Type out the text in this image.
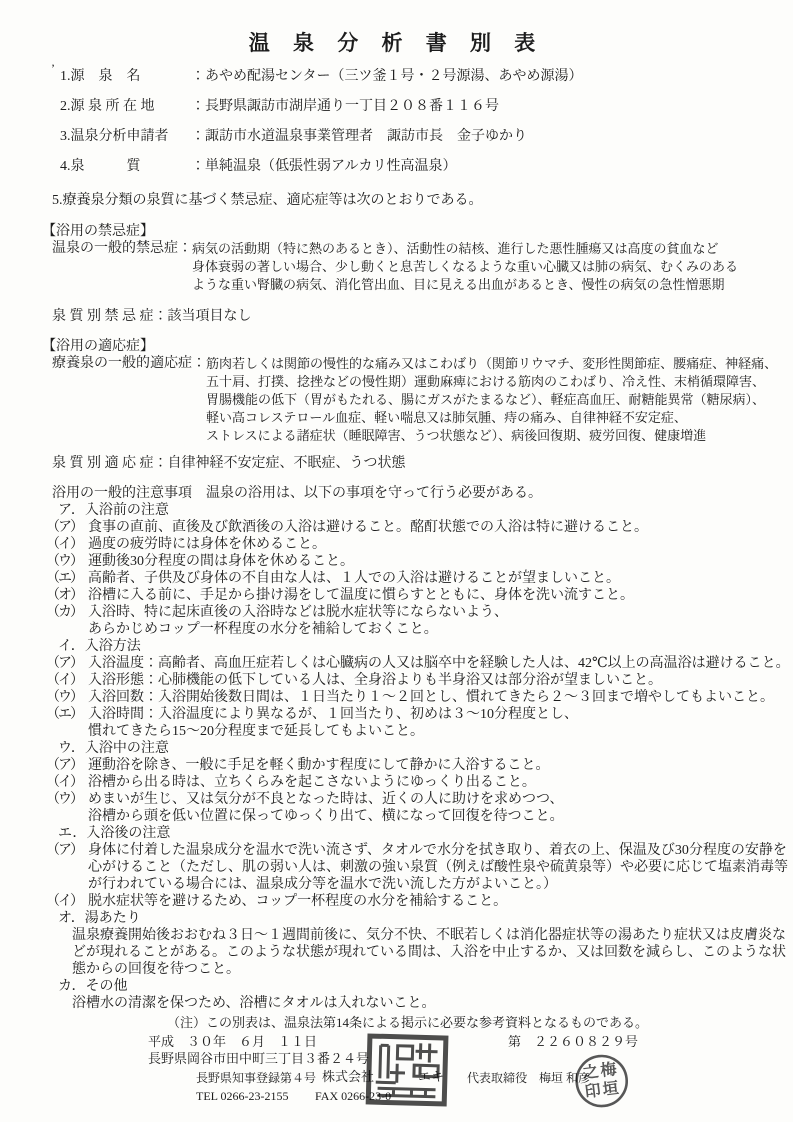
’
温 泉 分 析 書 別 表
1.源　泉　名	：あやめ配湯センター（三ツ釜１号・２号源湯、あやめ源湯）
2.源 泉 所 在 地	：長野県諏訪市湖岸通り一丁目２０８番１１６号
3.温泉分析申請者	：諏訪市水道温泉事業管理者　諏訪市長　金子ゆかり
4.泉　　　質	：単純温泉（低張性弱アルカリ性高温泉）
5.療養泉分類の泉質に基づく禁忌症、適応症等は次のとおりである。
【浴用の禁忌症】
温泉の一般的禁忌症： 病気の活動期（特に熱のあるとき）、活動性の結核、進行した悪性腫瘍又は高度の貧血など
身体衰弱の著しい場合、少し動くと息苦しくなるような重い心臓又は肺の病気、むくみのある
ような重い腎臓の病気、消化管出血、目に見える出血があるとき、慢性の病気の急性憎悪期
泉 質 別 禁 忌 症： 該当項目なし
【浴用の適応症】
療養泉の一般的適応症： 筋肉若しくは関節の慢性的な痛み又はこわばり（関節リウマチ、変形性関節症、腰痛症、神経痛、
五十肩、打撲、捻挫などの慢性期）運動麻痺における筋肉のこわばり、冷え性、末梢循環障害、
胃腸機能の低下（胃がもたれる、腸にガスがたまるなど）、軽症高血圧、耐糖能異常（糖尿病）、
軽い高コレステロール血症、軽い喘息又は肺気腫、痔の痛み、自律神経不安定症、
ストレスによる諸症状（睡眠障害、うつ状態など）、病後回復期、疲労回復、健康増進
泉 質 別 適 応 症： 自律神経不安定症、不眠症、うつ状態
浴用の一般的注意事項　温泉の浴用は、以下の事項を守って行う必要がある。
ア．入浴前の注意
（ア） 食事の直前、直後及び飲酒後の入浴は避けること。酩酊状態での入浴は特に避けること。
（イ） 過度の疲労時には身体を休めること。
（ウ） 運動後30分程度の間は身体を休めること。
（エ） 高齢者、子供及び身体の不自由な人は、１人での入浴は避けることが望ましいこと。
（オ） 浴槽に入る前に、手足から掛け湯をして温度に慣らすとともに、身体を洗い流すこと。
（カ） 入浴時、特に起床直後の入浴時などは脱水症状等にならないよう、
あらかじめコップ一杯程度の水分を補給しておくこと。
イ．入浴方法
（ア） 入浴温度：高齢者、高血圧症若しくは心臓病の人又は脳卒中を経験した人は、42℃以上の高温浴は避けること。
（イ） 入浴形態：心肺機能の低下している人は、全身浴よりも半身浴又は部分浴が望ましいこと。
（ウ） 入浴回数：入浴開始後数日間は、１日当たり１～２回とし、慣れてきたら２～３回まで増やしてもよいこと。
（エ） 入浴時間：入浴温度により異なるが、１回当たり、初めは３～10分程度とし、
慣れてきたら15～20分程度まで延長してもよいこと。
ウ．入浴中の注意
（ア） 運動浴を除き、一般に手足を軽く動かす程度にして静かに入浴すること。
（イ） 浴槽から出る時は、立ちくらみを起こさないようにゆっくり出ること。
（ウ） めまいが生じ、又は気分が不良となった時は、近くの人に助けを求めつつ、
浴槽から頭を低い位置に保ってゆっくり出て、横になって回復を待つこと。
エ．入浴後の注意
（ア） 身体に付着した温泉成分を温水で洗い流さず、タオルで水分を拭き取り、着衣の上、保温及び30分程度の安静を
心がけること（ただし、肌の弱い人は、刺激の強い泉質（例えば酸性泉や硫黄泉等）や必要に応じて塩素消毒等
が行われている場合には、温泉成分等を温水で洗い流した方がよいこと。）
（イ） 脱水症状等を避けるため、コップ一杯程度の水分を補給すること。
オ．湯あたり
温泉療養開始後おおむね３日～１週間前後に、気分不快、不眠若しくは消化器症状等の湯あたり症状又は皮膚炎な
どが現れることがある。このような状態が現れている間は、入浴を中止するか、又は回数を減らし、このような状
態からの回復を待つこと。
カ．その他
浴槽水の清潔を保つため、浴槽にタオルは入れないこと。
（注）この別表は、温泉法第14条による掲示に必要な参考資料となるものである。
平成　３０年　６月　１１日	第　２２６０８２９号
長野県岡谷市田中町三丁目３番２４号
長野県知事登録第４号 株式会社	エキ 代表取締役　梅垣 和彦
TEL 0266-23-2155 FAX 0266-23-0
梅
垣
之
印
